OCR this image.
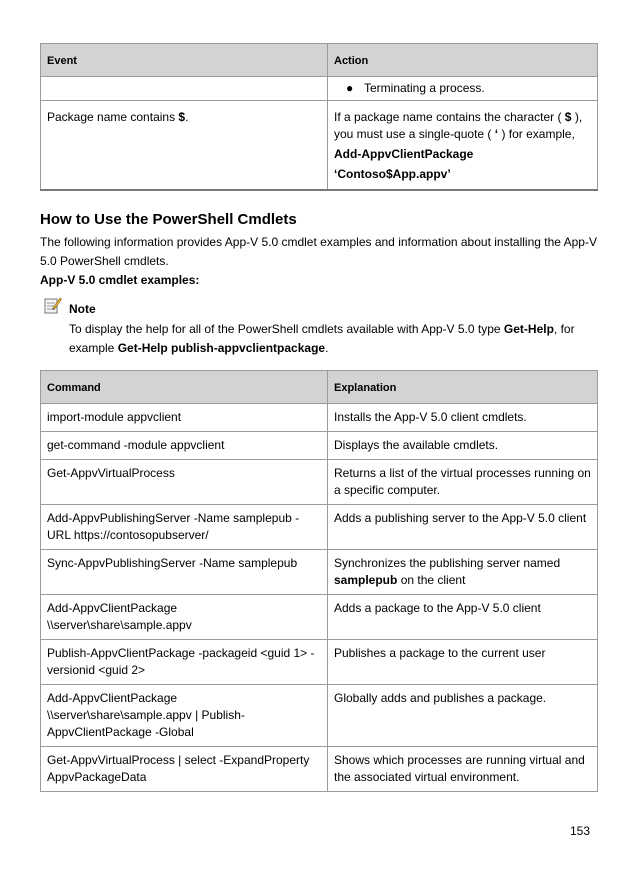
Event	Action

	● Terminating a process.

Package name contains $.	If a package name contains the character ( $ ),
you must use a single-quote ( ‘ ) for example,
Add-AppvClientPackage
‘Contoso$App.appv’
How to Use the PowerShell Cmdlets
The following information provides App-V 5.0 cmdlet examples and information about installing the App-V 5.0 PowerShell cmdlets.
App-V 5.0 cmdlet examples:
Note
To display the help for all of the PowerShell cmdlets available with App-V 5.0 type Get-Help, for example Get-Help publish-appvclientpackage.
Command	Explanation
import-module appvclient	Installs the App-V 5.0 client cmdlets.
get-command -module appvclient	Displays the available cmdlets.
Get-AppvVirtualProcess	Returns a list of the virtual processes running on a specific computer.
Add-AppvPublishingServer -Name samplepub -URL https://contosopubserver/	Adds a publishing server to the App-V 5.0 client
Sync-AppvPublishingServer -Name samplepub	Synchronizes the publishing server named samplepub on the client

Add-AppvClientPackage
\\server\share\sample.appv	Adds a package to the App-V 5.0 client
Publish-AppvClientPackage -packageid <guid 1> -versionid <guid 2>	Publishes a package to the current user

Add-AppvClientPackage
\\server\share\sample.appv | Publish-AppvClientPackage -Global	Globally adds and publishes a package.
Get-AppvVirtualProcess | select -ExpandProperty AppvPackageData	Shows which processes are running virtual and the associated virtual environment.
153
